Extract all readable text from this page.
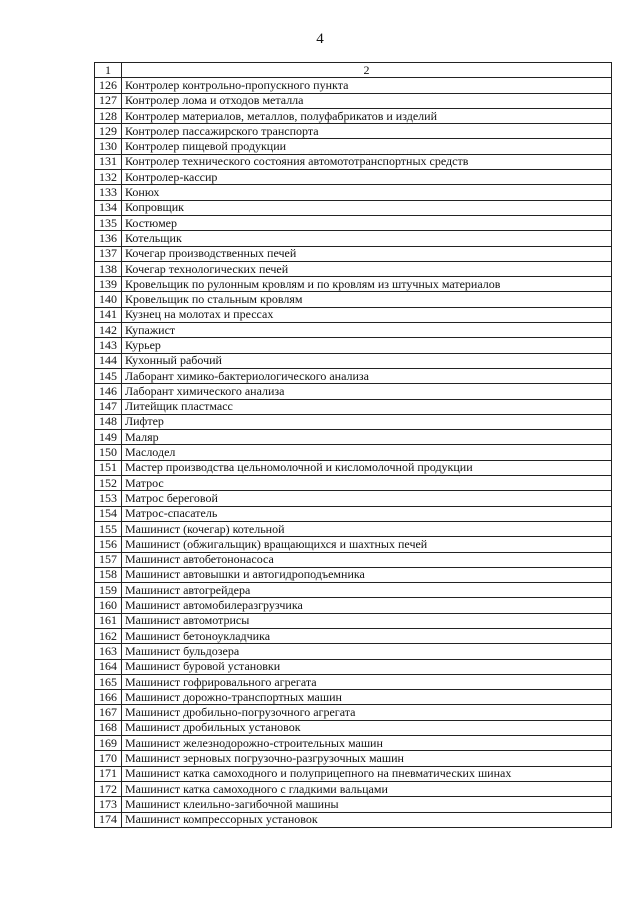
4
1	2
126	Контролер контрольно-пропускного пункта
127	Контролер лома и отходов металла
128	Контролер материалов, металлов, полуфабрикатов и изделий
129	Контролер пассажирского транспорта
130	Контролер пищевой продукции
131	Контролер технического состояния автомототранспортных средств
132	Контролер-кассир
133	Конюх
134	Копровщик
135	Костюмер
136	Котельщик
137	Кочегар производственных печей
138	Кочегар технологических печей
139	Кровельщик по рулонным кровлям и по кровлям из штучных материалов
140	Кровельщик по стальным кровлям
141	Кузнец на молотах и прессах
142	Купажист
143	Курьер
144	Кухонный рабочий
145	Лаборант химико-бактериологического анализа
146	Лаборант химического анализа
147	Литейщик пластмасс
148	Лифтер
149	Маляр
150	Маслодел
151	Мастер производства цельномолочной и кисломолочной продукции
152	Матрос
153	Матрос береговой
154	Матрос-спасатель
155	Машинист (кочегар) котельной
156	Машинист (обжигальщик) вращающихся и шахтных печей
157	Машинист автобетононасоса
158	Машинист автовышки и автогидроподъемника
159	Машинист автогрейдера
160	Машинист автомобилеразгрузчика
161	Машинист автомотрисы
162	Машинист бетоноукладчика
163	Машинист бульдозера
164	Машинист буровой установки
165	Машинист гофрировального агрегата
166	Машинист дорожно-транспортных машин
167	Машинист дробильно-погрузочного агрегата
168	Машинист дробильных установок
169	Машинист железнодорожно-строительных машин
170	Машинист зерновых погрузочно-разгрузочных машин
171	Машинист катка самоходного и полуприцепного на пневматических шинах
172	Машинист катка самоходного с гладкими вальцами
173	Машинист клеильно-загибочной машины
174	Машинист компрессорных установок
